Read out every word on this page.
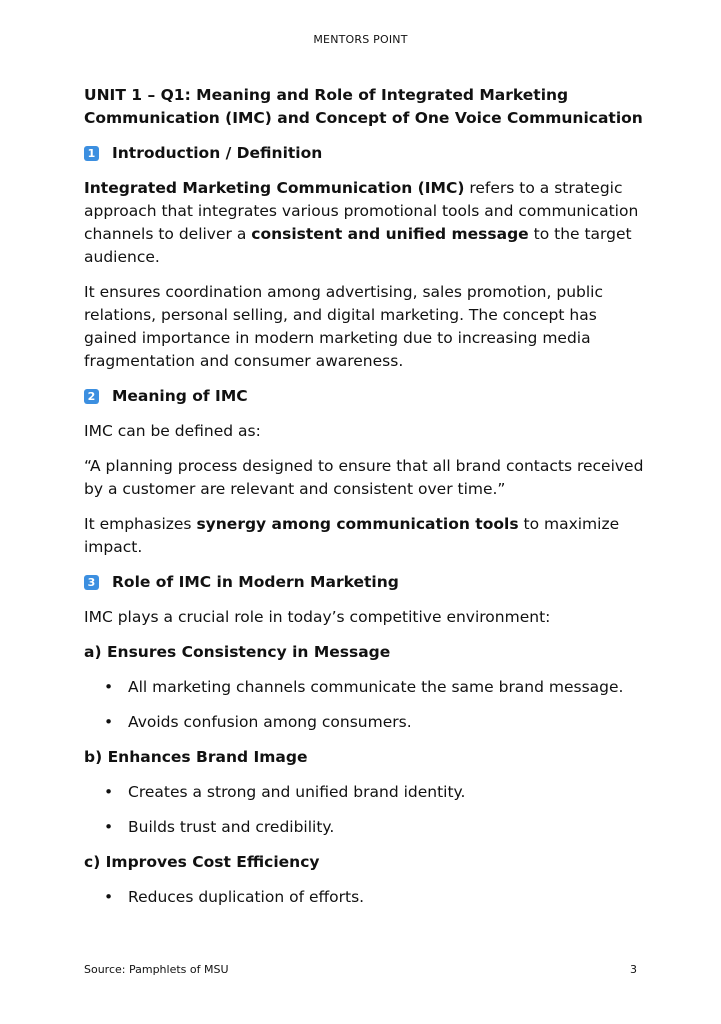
MENTORS POINT
UNIT 1 – Q1: Meaning and Role of Integrated Marketing
Communication (IMC) and Concept of One Voice Communication
1 Introduction / Definition

Integrated Marketing Communication (IMC) refers to a strategic approach that integrates various promotional tools and communication channels to deliver a consistent and unified message to the target audience.

It ensures coordination among advertising, sales promotion, public relations, personal selling, and digital marketing. The concept has gained importance in modern marketing due to increasing media fragmentation and consumer awareness.

2 Meaning of IMC

IMC can be defined as:

“A planning process designed to ensure that all brand contacts received by a customer are relevant and consistent over time.”

It emphasizes synergy among communication tools to maximize impact.

3 Role of IMC in Modern Marketing

IMC plays a crucial role in today’s competitive environment:

a) Ensures Consistency in Message
• All marketing channels communicate the same brand message.
• Avoids confusion among consumers.
b) Enhances Brand Image
• Creates a strong and unified brand identity.
• Builds trust and credibility.
c) Improves Cost Efficiency
• Reduces duplication of efforts.
Source: Pamphlets of MSU	3
